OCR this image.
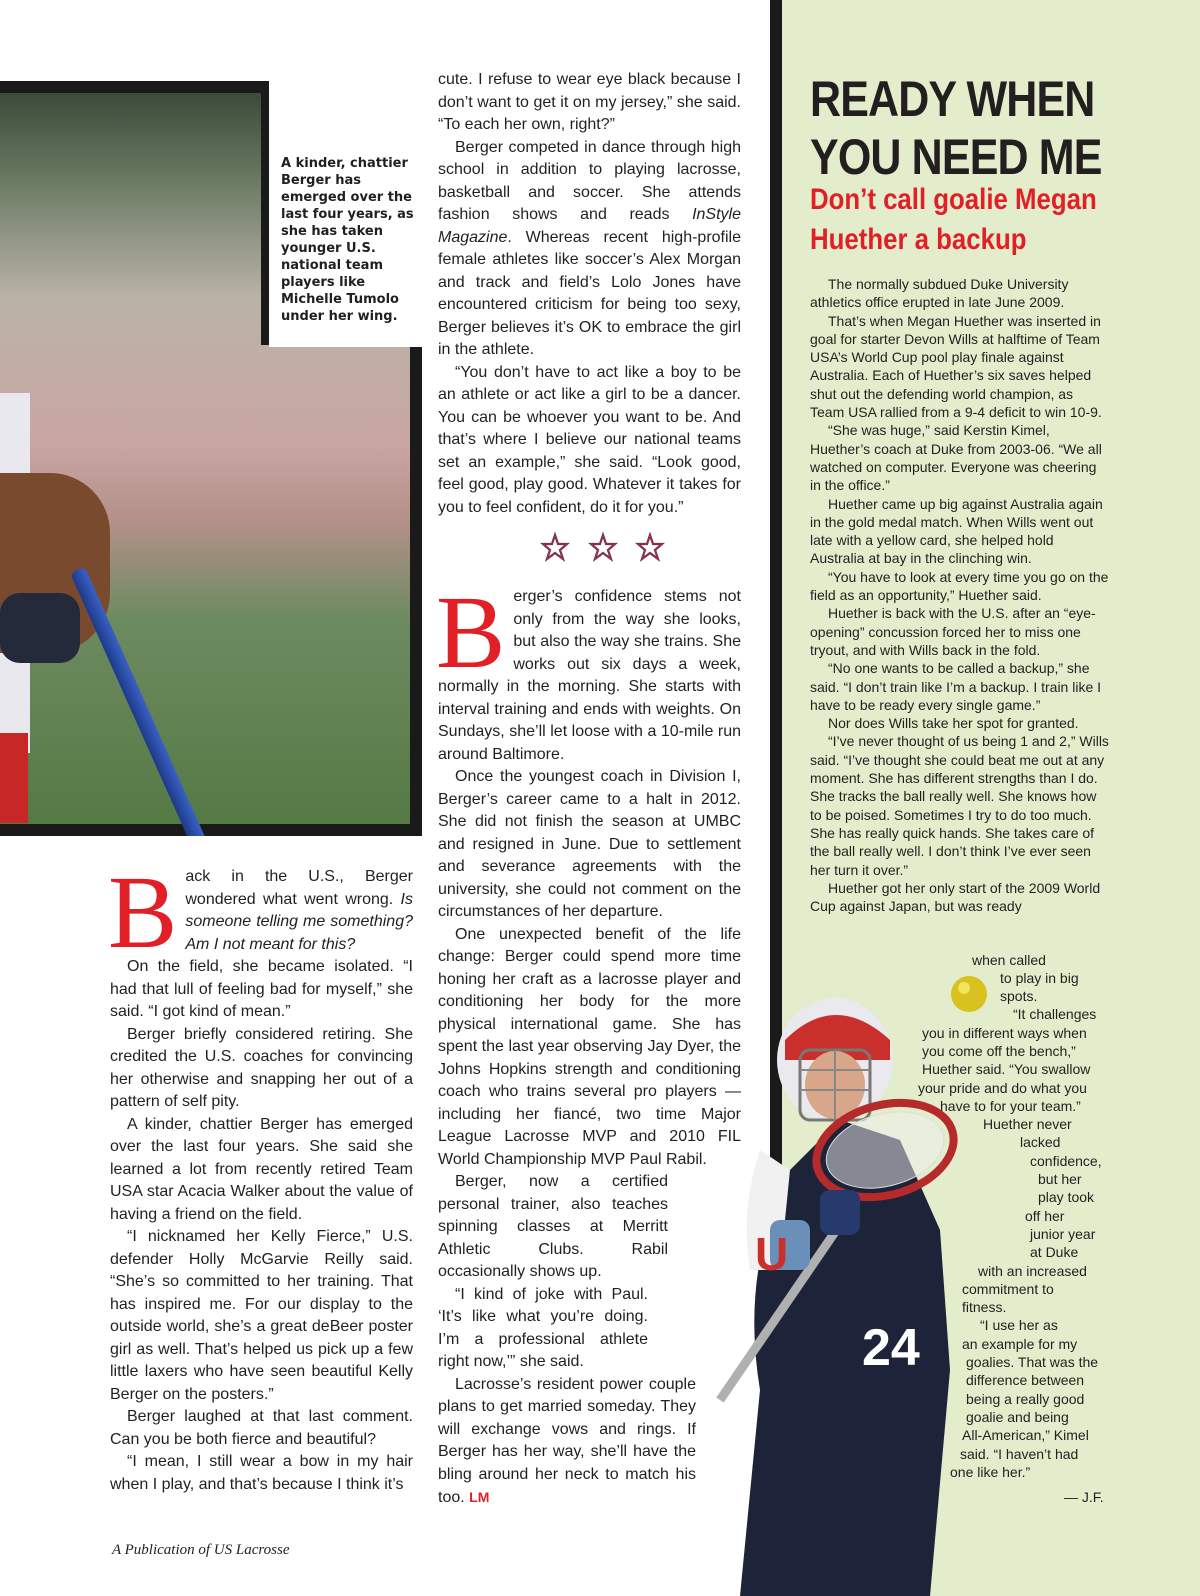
A kinder, chattier Berger has emerged over the last four years, as she has taken younger U.S. national team players like Michelle Tumolo under her wing.

Back in the U.S., Berger wondered what went wrong. Is someone telling me something? Am I not meant for this?

On the field, she became isolated. “I had that lull of feeling bad for myself,” she said. “I got kind of mean.”

Berger briefly considered retiring. She credited the U.S. coaches for convincing her otherwise and snapping her out of a pattern of self pity.

A kinder, chattier Berger has emerged over the last four years. She said she learned a lot from recently retired Team USA star Acacia Walker about the value of having a friend on the field.

“I nicknamed her Kelly Fierce,” U.S. defender Holly McGarvie Reilly said. “She’s so committed to her training. That has inspired me. For our display to the outside world, she’s a great deBeer poster girl as well. That’s helped us pick up a few little laxers who have seen beautiful Kelly Berger on the posters.”

Berger laughed at that last comment. Can you be both fierce and beautiful?

“I mean, I still wear a bow in my hair when I play, and that’s because I think it’s

cute. I refuse to wear eye black because I don’t want to get it on my jersey,” she said. “To each her own, right?”

Berger competed in dance through high school in addition to playing lacrosse, basketball and soccer. She attends fashion shows and reads InStyle Magazine. Whereas recent high-profile female athletes like soccer’s Alex Morgan and track and field’s Lolo Jones have encountered criticism for being too sexy, Berger believes it’s OK to embrace the girl in the athlete.

“You don’t have to act like a boy to be an athlete or act like a girl to be a dancer. You can be whoever you want to be. And that’s where I believe our national teams set an example,” she said. “Look good, feel good, play good. Whatever it takes for you to feel confident, do it for you.”

Berger’s confidence stems not only from the way she looks, but also the way she trains. She works out six days a week, normally in the morning. She starts with interval training and ends with weights. On Sundays, she’ll let loose with a 10-mile run around Baltimore.

Once the youngest coach in Division I, Berger’s career came to a halt in 2012. She did not finish the season at UMBC and resigned in June. Due to settlement and severance agreements with the university, she could not comment on the circumstances of her departure.

One unexpected benefit of the life change: Berger could spend more time honing her craft as a lacrosse player and conditioning her body for the more physical international game. She has spent the last year observing Jay Dyer, the Johns Hopkins strength and conditioning coach who trains several pro players — including her fiancé, two time Major League Lacrosse MVP and 2010 FIL World Championship MVP Paul Rabil.

Berger, now a certified personal trainer, also teaches spinning classes at Merritt Athletic Clubs. Rabil occasionally shows up.

“I kind of joke with Paul. ‘It’s like what you’re doing. I’m a professional athlete right now,’” she said.

Lacrosse’s resident power couple plans to get married someday. They will exchange vows and rings. If Berger has her way, she’ll have the bling around her neck to match his too. LM

READY WHEN YOU NEED ME
Don’t call goalie Megan Huether a backup

The normally subdued Duke University athletics office erupted in late June 2009.

That’s when Megan Huether was inserted in goal for starter Devon Wills at halftime of Team USA’s World Cup pool play finale against Australia. Each of Huether’s six saves helped shut out the defending world champion, as Team USA rallied from a 9-4 deficit to win 10-9.

“She was huge,” said Kerstin Kimel, Huether’s coach at Duke from 2003-06. “We all watched on computer. Everyone was cheering in the office.”

Huether came up big against Australia again in the gold medal match. When Wills went out late with a yellow card, she helped hold Australia at bay in the clinching win.

“You have to look at every time you go on the field as an opportunity,” Huether said.

Huether is back with the U.S. after an “eye-opening” concussion forced her to miss one tryout, and with Wills back in the fold.

“No one wants to be called a backup,” she said. “I don’t train like I’m a backup. I train like I have to be ready every single game.”

Nor does Wills take her spot for granted.

“I’ve never thought of us being 1 and 2,” Wills said. “I’ve thought she could beat me out at any moment. She has different strengths than I do. She tracks the ball really well. She knows how to be poised. Sometimes I try to do too much. She has really quick hands. She takes care of the ball really well. I don’t think I’ve ever seen her turn it over.”

Huether got her only start of the 2009 World Cup against Japan, but was ready

U
24

when called

to play in big

spots.

“It challenges

you in different ways when

you come off the bench,”

Huether said. “You swallow

your pride and do what you

have to for your team.”

Huether never

lacked

confidence,

but her

play took

off her

junior year

at Duke

with an increased

commitment to

fitness.

“I use her as

an example for my

goalies. That was the

difference between

being a really good

goalie and being

All-American,” Kimel

said. “I haven’t had

one like her.”

— J.F.

A Publication of US Lacrosse
